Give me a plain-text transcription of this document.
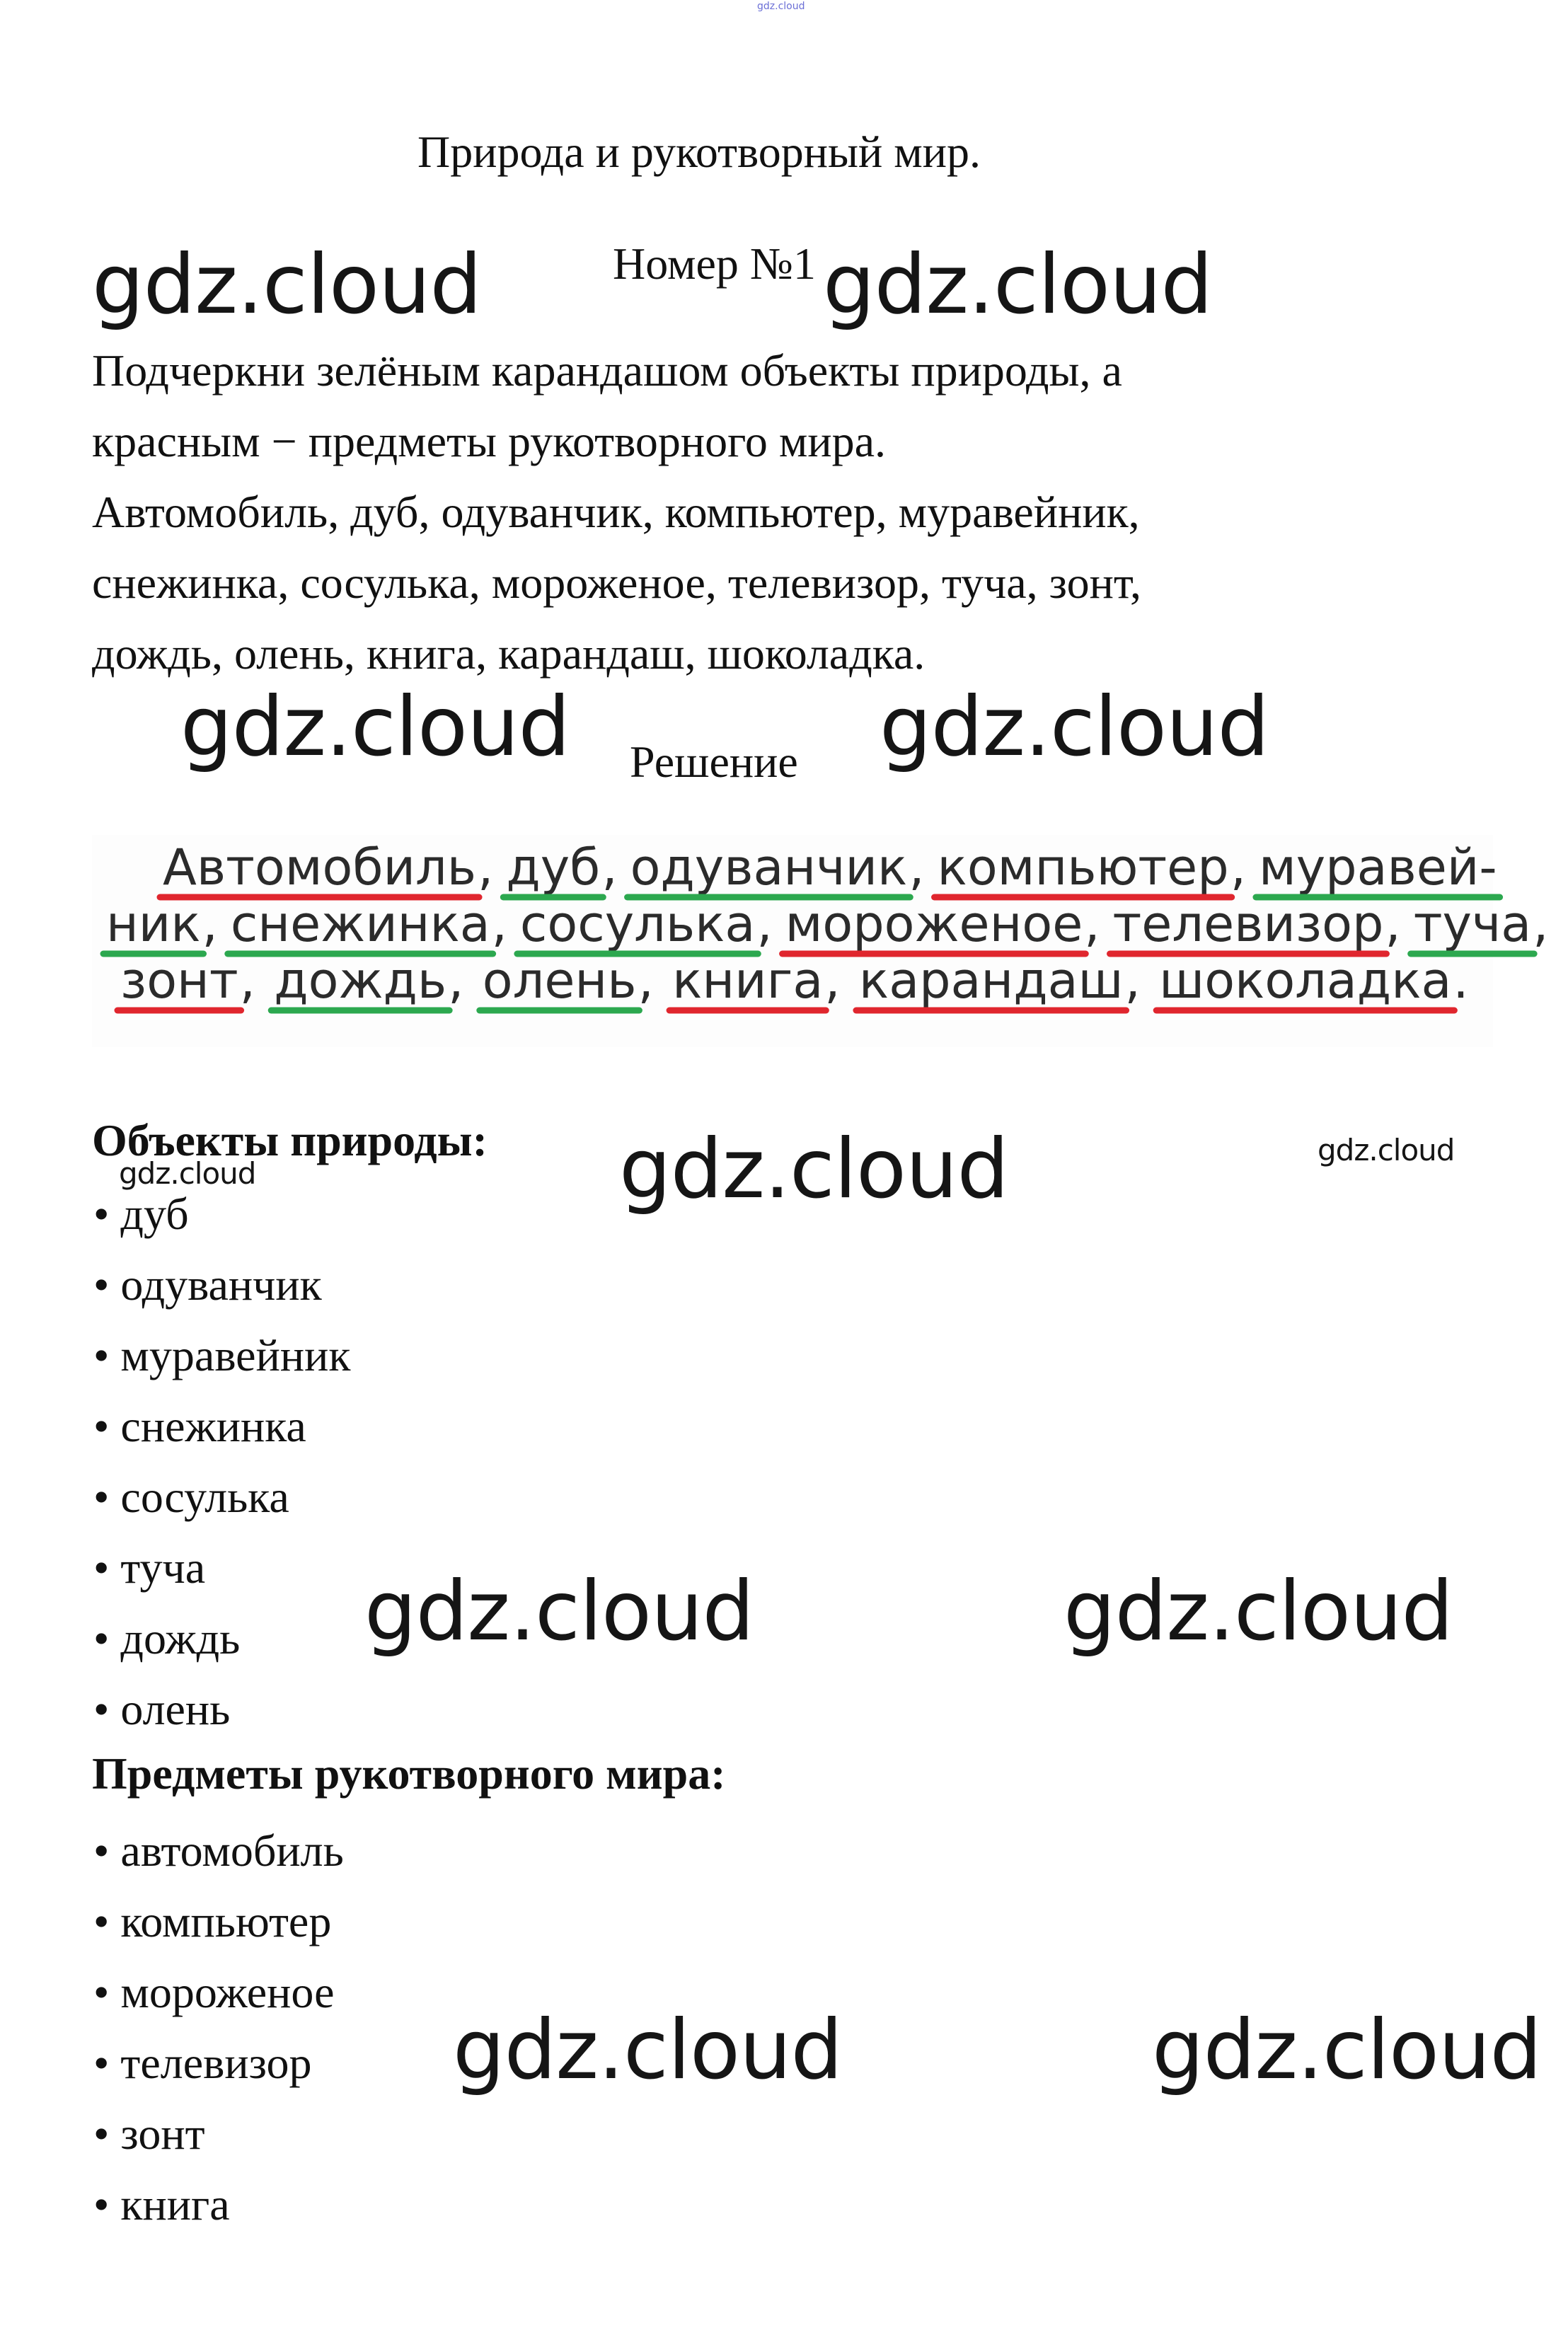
gdz.cloud
Природа и рукотворный мир.
Номер №1
gdz.cloud	gdz.cloud
Подчеркни зелёным карандашом объекты природы, а
красным − предметы рукотворного мира.
Автомобиль, дуб, одуванчик, компьютер, муравейник,
снежинка, сосулька, мороженое, телевизор, туча, зонт,
дождь, олень, книга, карандаш, шоколадка.
gdz.cloud	gdz.cloud
Решение
Автомобиль , дуб , одуванчик , компьютер , муравей-
ник , снежинка , сосулька , мороженое , телевизор , туча ,
зонт , дождь , олень , книга , карандаш , шоколадка .
Объекты природы:
gdz.cloud	gdz.cloud	gdz.cloud
• дуб
• одуванчик
• муравейник
• снежинка
• сосулька
• туча
• дождь
• олень
gdz.cloud	gdz.cloud
Предметы рукотворного мира:
• автомобиль
• компьютер
• мороженое
• телевизор
• зонт
• книга
gdz.cloud	gdz.cloud
